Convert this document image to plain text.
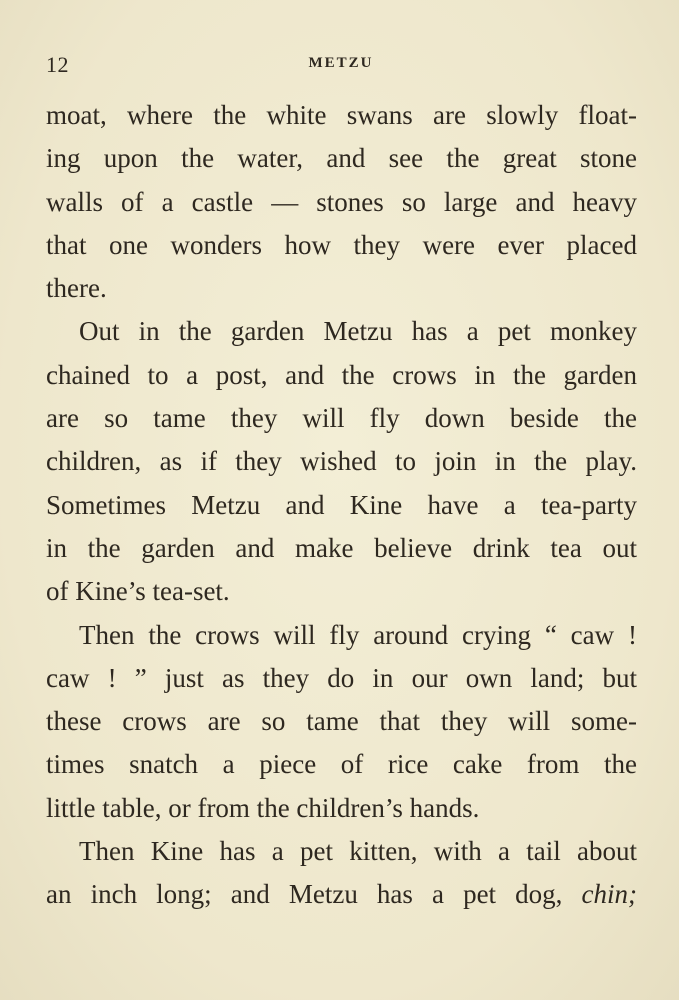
12	METZU
moat, where the white swans are slowly float-
ing upon the water, and see the great stone
walls of a castle — stones so large and heavy
that one wonders how they were ever placed
there.
Out in the garden Metzu has a pet monkey
chained to a post, and the crows in the garden
are so tame they will fly down beside the
children, as if they wished to join in the play.
Sometimes Metzu and Kine have a tea-party
in the garden and make believe drink tea out
of Kine’s tea-set.
Then the crows will fly around crying “ caw !
caw ! ” just as they do in our own land; but
these crows are so tame that they will some-
times snatch a piece of rice cake from the
little table, or from the children’s hands.
Then Kine has a pet kitten, with a tail about
an inch long; and Metzu has a pet dog, chin;
